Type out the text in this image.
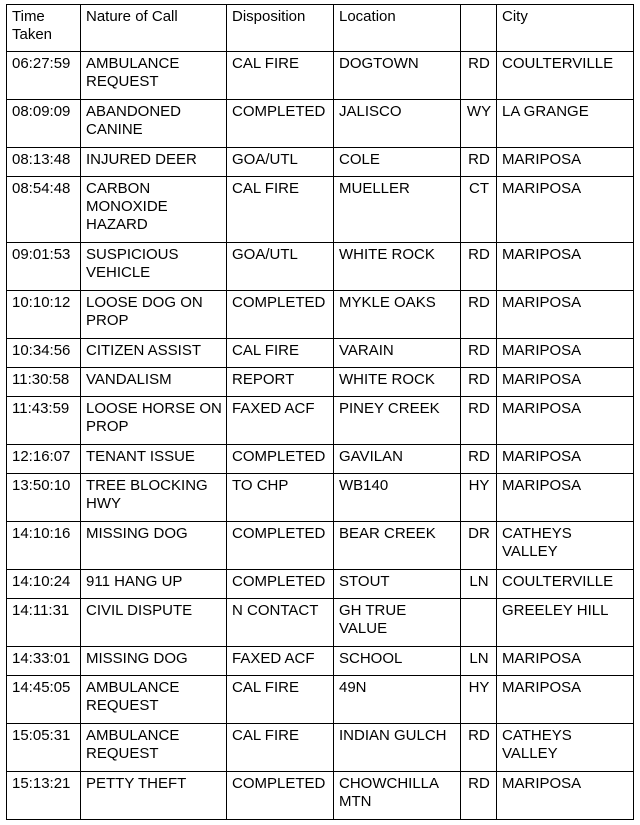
Time Taken	Nature of Call	Disposition	Location		City
06:27:59	AMBULANCE REQUEST	CAL FIRE	DOGTOWN	RD	COULTERVILLE
08:09:09	ABANDONED CANINE	COMPLETED	JALISCO	WY	LA GRANGE
08:13:48	INJURED DEER	GOA/UTL	COLE	RD	MARIPOSA
08:54:48	CARBON MONOXIDE HAZARD	CAL FIRE	MUELLER	CT	MARIPOSA
09:01:53	SUSPICIOUS VEHICLE	GOA/UTL	WHITE ROCK	RD	MARIPOSA
10:10:12	LOOSE DOG ON PROP	COMPLETED	MYKLE OAKS	RD	MARIPOSA
10:34:56	CITIZEN ASSIST	CAL FIRE	VARAIN	RD	MARIPOSA
11:30:58	VANDALISM	REPORT	WHITE ROCK	RD	MARIPOSA
11:43:59	LOOSE HORSE ON PROP	FAXED ACF	PINEY CREEK	RD	MARIPOSA
12:16:07	TENANT ISSUE	COMPLETED	GAVILAN	RD	MARIPOSA
13:50:10	TREE BLOCKING HWY	TO CHP	WB140	HY	MARIPOSA
14:10:16	MISSING DOG	COMPLETED	BEAR CREEK	DR	CATHEYS VALLEY
14:10:24	911 HANG UP	COMPLETED	STOUT	LN	COULTERVILLE
14:11:31	CIVIL DISPUTE	N CONTACT	GH TRUE VALUE		GREELEY HILL
14:33:01	MISSING DOG	FAXED ACF	SCHOOL	LN	MARIPOSA
14:45:05	AMBULANCE REQUEST	CAL FIRE	49N	HY	MARIPOSA
15:05:31	AMBULANCE REQUEST	CAL FIRE	INDIAN GULCH	RD	CATHEYS VALLEY
15:13:21	PETTY THEFT	COMPLETED	CHOWCHILLA MTN	RD	MARIPOSA
